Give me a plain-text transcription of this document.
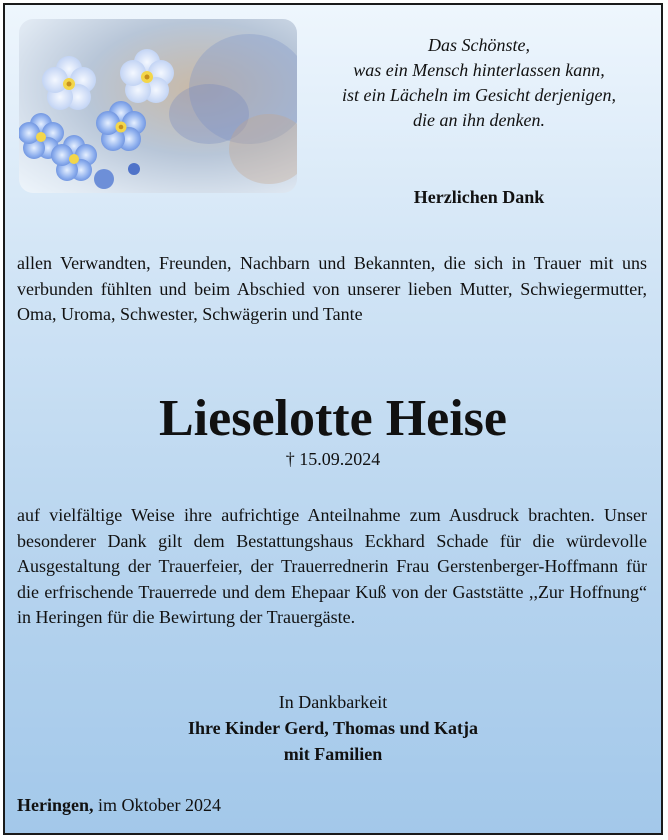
Das Schönste,
was ein Mensch hinterlassen kann,
ist ein Lächeln im Gesicht derjenigen,
die an ihn denken.
Herzlichen Dank
allen Verwandten, Freunden, Nachbarn und Bekannten, die sich in Trauer mit uns verbunden fühlten und beim Abschied von unserer lieben Mutter, Schwiegermutter, Oma, Uroma, Schwester, Schwägerin und Tante
Lieselotte Heise
† 15.09.2024
auf vielfältige Weise ihre aufrichtige Anteilnahme zum Ausdruck brachten. Unser besonderer Dank gilt dem Bestattungshaus Eckhard Schade für die würdevolle Ausgestaltung der Trauerfeier, der Trauerrednerin Frau Gerstenberger-Hoffmann für die erfrischende Trauerrede und dem Ehepaar Kuß von der Gaststätte ,,Zur Hoffnung“ in Heringen für die Bewirtung der Trauergäste.
In Dankbarkeit
Ihre Kinder Gerd, Thomas und Katja
mit Familien
Heringen, im Oktober 2024
